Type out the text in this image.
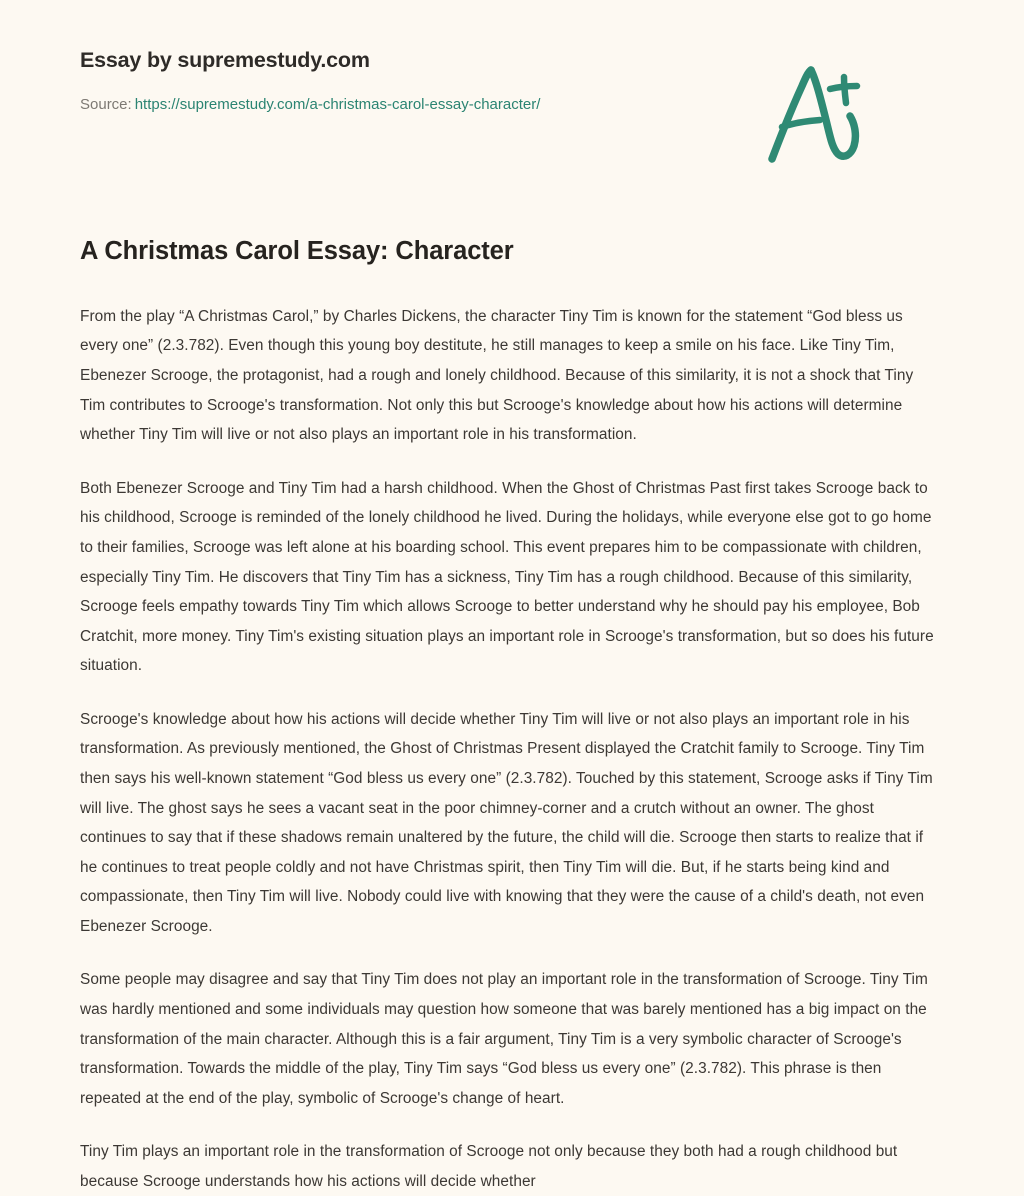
Essay by supremestudy.com
Source: https://supremestudy.com/a-christmas-carol-essay-character/
A Christmas Carol Essay: Character

From the play “A Christmas Carol,” by Charles Dickens, the character Tiny Tim is known for the statement “God bless us every one” (2.3.782). Even though this young boy destitute, he still manages to keep a smile on his face. Like Tiny Tim, Ebenezer Scrooge, the protagonist, had a rough and lonely childhood. Because of this similarity, it is not a shock that Tiny Tim contributes to Scrooge's transformation. Not only this but Scrooge's knowledge about how his actions will determine whether Tiny Tim will live or not also plays an important role in his transformation.

Both Ebenezer Scrooge and Tiny Tim had a harsh childhood. When the Ghost of Christmas Past first takes Scrooge back to his childhood, Scrooge is reminded of the lonely childhood he lived. During the holidays, while everyone else got to go home to their families, Scrooge was left alone at his boarding school. This event prepares him to be compassionate with children, especially Tiny Tim. He discovers that Tiny Tim has a sickness, Tiny Tim has a rough childhood. Because of this similarity, Scrooge feels empathy towards Tiny Tim which allows Scrooge to better understand why he should pay his employee, Bob Cratchit, more money. Tiny Tim's existing situation plays an important role in Scrooge's transformation, but so does his future situation.

Scrooge's knowledge about how his actions will decide whether Tiny Tim will live or not also plays an important role in his transformation. As previously mentioned, the Ghost of Christmas Present displayed the Cratchit family to Scrooge. Tiny Tim then says his well-known statement “God bless us every one” (2.3.782). Touched by this statement, Scrooge asks if Tiny Tim will live. The ghost says he sees a vacant seat in the poor chimney-corner and a crutch without an owner. The ghost continues to say that if these shadows remain unaltered by the future, the child will die. Scrooge then starts to realize that if he continues to treat people coldly and not have Christmas spirit, then Tiny Tim will die. But, if he starts being kind and compassionate, then Tiny Tim will live. Nobody could live with knowing that they were the cause of a child's death, not even Ebenezer Scrooge.

Some people may disagree and say that Tiny Tim does not play an important role in the transformation of Scrooge. Tiny Tim was hardly mentioned and some individuals may question how someone that was barely mentioned has a big impact on the transformation of the main character. Although this is a fair argument, Tiny Tim is a very symbolic character of Scrooge's transformation. Towards the middle of the play, Tiny Tim says “God bless us every one” (2.3.782). This phrase is then repeated at the end of the play, symbolic of Scrooge's change of heart.

Tiny Tim plays an important role in the transformation of Scrooge not only because they both had a rough childhood but because Scrooge understands how his actions will decide whether
